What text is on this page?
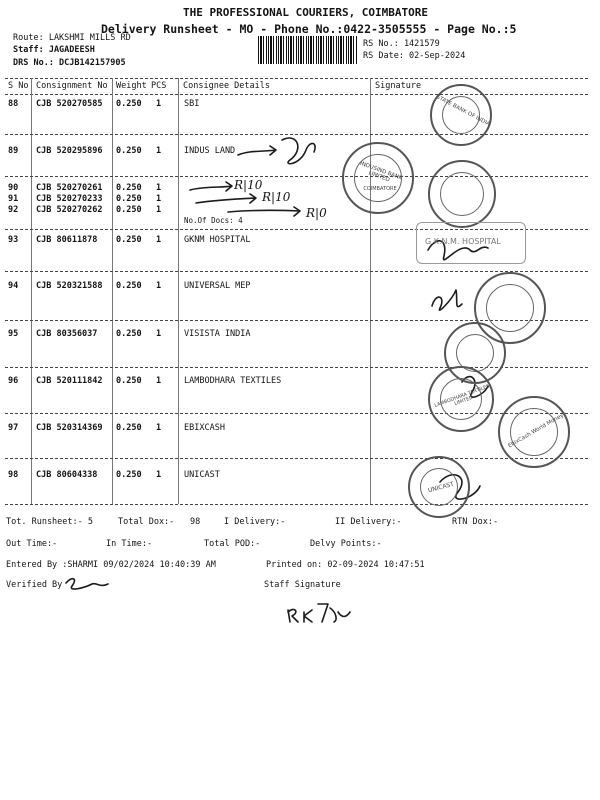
THE PROFESSIONAL COURIERS, COIMBATORE
Delivery Runsheet - MO - Phone No.:0422-3505555 - Page No.:5
Route: LAKSHMI MILLS RD
Staff: JAGADEESH
DRS No.: DCJB142157905
RS No.: 1421579
RS Date: 02-Sep-2024
S No Consignment No Weight PCS Consignee Details	Signature
88 CJB 520270585 0.250 1	SBI
89 CJB 520295896 0.250 1	INDUS LAND
90 CJB 520270261 0.250 1
91 CJB 520270233 0.250 1
92 CJB 520270262 0.250 1
No.Of Docs: 4
93 CJB 80611878 0.250 1	GKNM HOSPITAL
94 CJB 520321588 0.250 1	UNIVERSAL MEP
95 CJB 80356037 0.250 1	VISISTA INDIA
96 CJB 520111842 0.250 1	LAMBODHARA TEXTILES
97 CJB 520314369 0.250 1	EBIXCASH
98 CJB 80604338 0.250 1	UNICAST
R|10
R|10
R|0
STATE BANK OF INDIA
INDUSIND BANK LIMITED
COIMBATORE
G.K.N.M. HOSPITAL
LAMBODHARA TEXTILES LIMITED
EbixCash World Money
UNICAST
Tot. Runsheet:- 5	Total Dox:- 98	I Delivery:-	II Delivery:-	RTN Dox:-
Out Time:-	In Time:-	Total POD:-	Delvy Points:-
Entered By :SHARMI 09/02/2024 10:40:39 AM	Printed on: 02-09-2024 10:47:51
Verified By	Staff Signature
